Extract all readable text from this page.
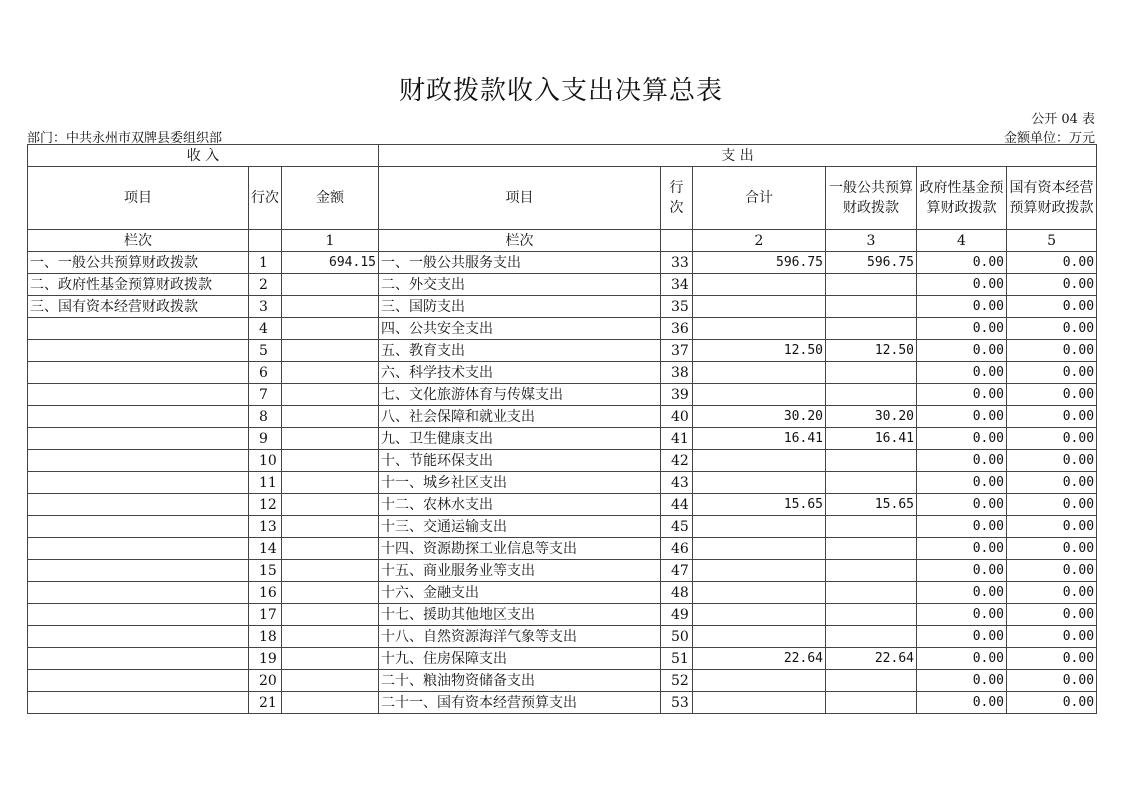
财政拨款收入支出决算总表
公开 04 表
部门：中共永州市双牌县委组织部	金额单位：万元
收 入			支 出					
项目	行次	金额	项目	行次	合计	一般公共预算财政拨款	政府性基金预算财政拨款	国有资本经营预算财政拨款
栏次		1	栏次		2	3	4	5
一、一般公共预算财政拨款	1	694.15	一、一般公共服务支出	33	596.75	596.75	0.00	0.00
二、政府性基金预算财政拨款	2		二、外交支出	34			0.00	0.00
三、国有资本经营财政拨款	3		三、国防支出	35			0.00	0.00
	4		四、公共安全支出	36			0.00	0.00
	5		五、教育支出	37	12.50	12.50	0.00	0.00
	6		六、科学技术支出	38			0.00	0.00
	7		七、文化旅游体育与传媒支出	39			0.00	0.00
	8		八、社会保障和就业支出	40	30.20	30.20	0.00	0.00
	9		九、卫生健康支出	41	16.41	16.41	0.00	0.00
	10		十、节能环保支出	42			0.00	0.00
	11		十一、城乡社区支出	43			0.00	0.00
	12		十二、农林水支出	44	15.65	15.65	0.00	0.00
	13		十三、交通运输支出	45			0.00	0.00
	14		十四、资源勘探工业信息等支出	46			0.00	0.00
	15		十五、商业服务业等支出	47			0.00	0.00
	16		十六、金融支出	48			0.00	0.00
	17		十七、援助其他地区支出	49			0.00	0.00
	18		十八、自然资源海洋气象等支出	50			0.00	0.00
	19		十九、住房保障支出	51	22.64	22.64	0.00	0.00
	20		二十、粮油物资储备支出	52			0.00	0.00
	21		二十一、国有资本经营预算支出	53			0.00	0.00
